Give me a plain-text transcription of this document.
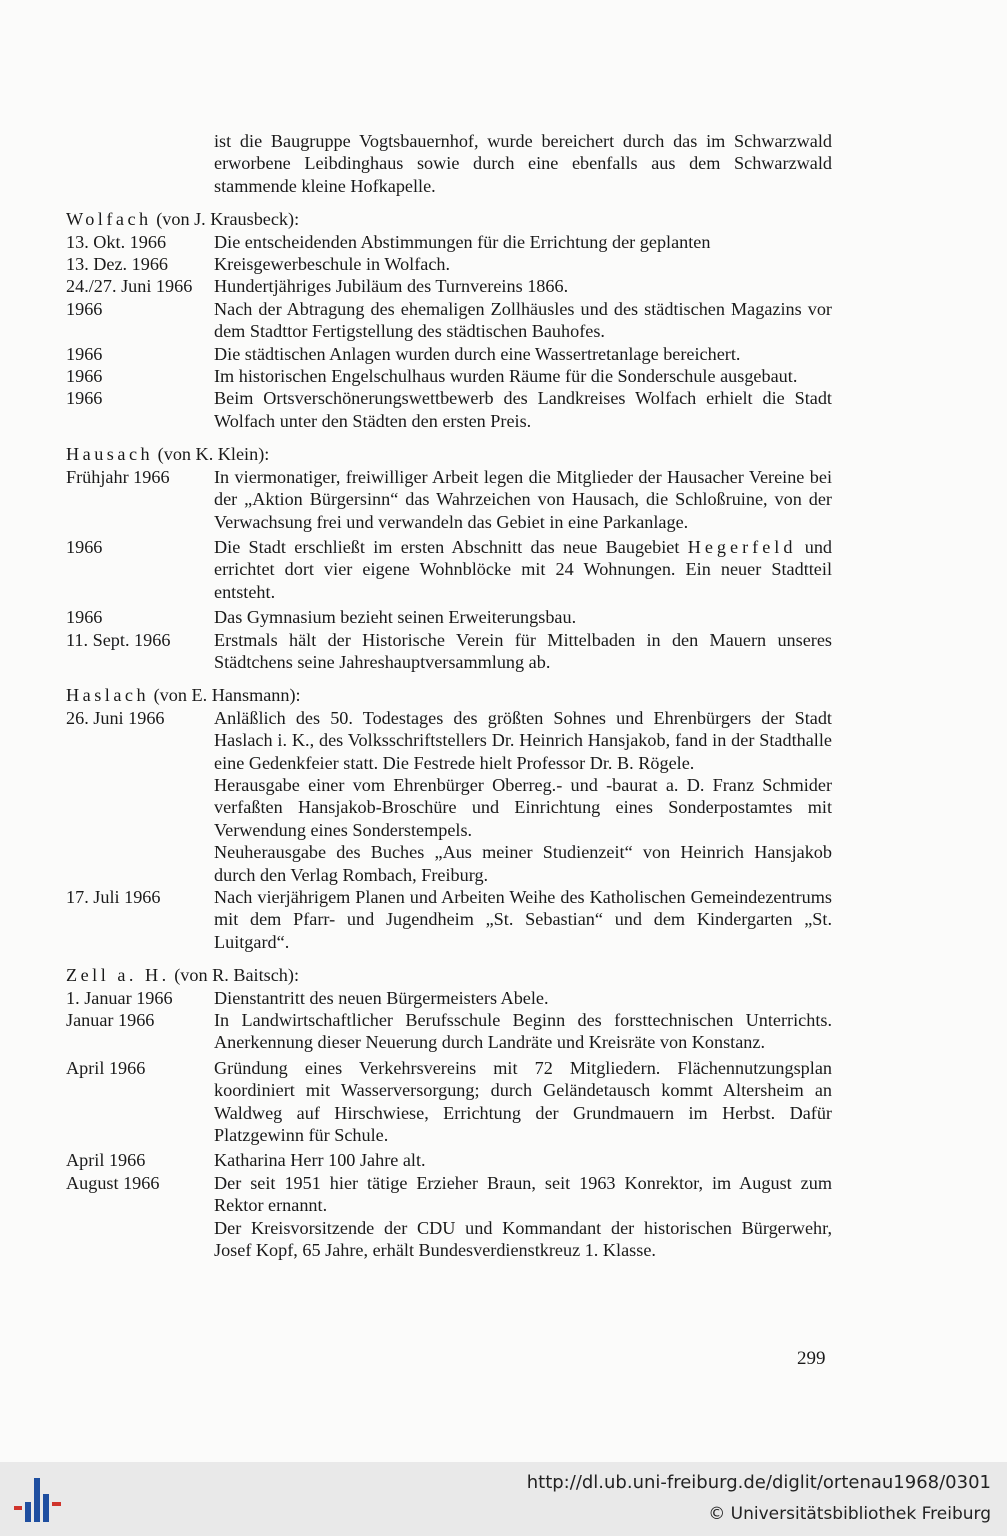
ist die Baugruppe Vogtsbauernhof, wurde bereichert durch das im Schwarzwald erworbene Leibdinghaus sowie durch eine ebenfalls aus dem Schwarzwald stammende kleine Hofkapelle.
Wolfach (von J. Krausbeck):
13. Okt. 1966	Die entscheidenden Abstimmungen für die Errichtung der geplanten
13. Dez. 1966	Kreisgewerbeschule in Wolfach.
24./27. Juni 1966	Hundertjähriges Jubiläum des Turnvereins 1866.
1966	Nach der Abtragung des ehemaligen Zollhäusles und des städtischen Magazins vor dem Stadttor Fertigstellung des städtischen Bauhofes.
1966	Die städtischen Anlagen wurden durch eine Wassertretanlage bereichert.
1966	Im historischen Engelschulhaus wurden Räume für die Sonderschule ausgebaut.
1966	Beim Ortsverschönerungswettbewerb des Landkreises Wolfach erhielt die Stadt Wolfach unter den Städten den ersten Preis.
Hausach (von K. Klein):
Frühjahr 1966	In viermonatiger, freiwilliger Arbeit legen die Mitglieder der Hausacher Vereine bei der „Aktion Bürgersinn“ das Wahrzeichen von Hausach, die Schloßruine, von der Verwachsung frei und verwandeln das Gebiet in eine Parkanlage.
1966	Die Stadt erschließt im ersten Abschnitt das neue Baugebiet Hegerfeld und errichtet dort vier eigene Wohnblöcke mit 24 Wohnungen. Ein neuer Stadtteil entsteht.
1966	Das Gymnasium bezieht seinen Erweiterungsbau.
11. Sept. 1966	Erstmals hält der Historische Verein für Mittelbaden in den Mauern unseres Städtchens seine Jahreshauptversammlung ab.
Haslach (von E. Hansmann):
26. Juni 1966	Anläßlich des 50. Todestages des größten Sohnes und Ehrenbürgers der Stadt Haslach i. K., des Volksschriftstellers Dr. Heinrich Hansjakob, fand in der Stadthalle eine Gedenkfeier statt. Die Festrede hielt Professor Dr. B. Rögele.
Herausgabe einer vom Ehrenbürger Oberreg.- und -baurat a. D. Franz Schmider verfaßten Hansjakob-Broschüre und Einrichtung eines Sonderpostamtes mit Verwendung eines Sonderstempels.
Neuherausgabe des Buches „Aus meiner Studienzeit“ von Heinrich Hansjakob durch den Verlag Rombach, Freiburg.
17. Juli 1966	Nach vierjährigem Planen und Arbeiten Weihe des Katholischen Gemeindezentrums mit dem Pfarr- und Jugendheim „St. Sebastian“ und dem Kindergarten „St. Luitgard“.
Zell a. H. (von R. Baitsch):
1. Januar 1966	Dienstantritt des neuen Bürgermeisters Abele.
Januar 1966	In Landwirtschaftlicher Berufsschule Beginn des forsttechnischen Unterrichts. Anerkennung dieser Neuerung durch Landräte und Kreisräte von Konstanz.
April 1966	Gründung eines Verkehrsvereins mit 72 Mitgliedern. Flächennutzungsplan koordiniert mit Wasserversorgung; durch Geländetausch kommt Altersheim an Waldweg auf Hirschwiese, Errichtung der Grundmauern im Herbst. Dafür Platzgewinn für Schule.
April 1966	Katharina Herr 100 Jahre alt.
August 1966	Der seit 1951 hier tätige Erzieher Braun, seit 1963 Konrektor, im August zum Rektor ernannt.
Der Kreisvorsitzende der CDU und Kommandant der historischen Bürgerwehr, Josef Kopf, 65 Jahre, erhält Bundesverdienstkreuz 1. Klasse.
299
http://dl.ub.uni-freiburg.de/diglit/ortenau1968/0301
© Universitätsbibliothek Freiburg
